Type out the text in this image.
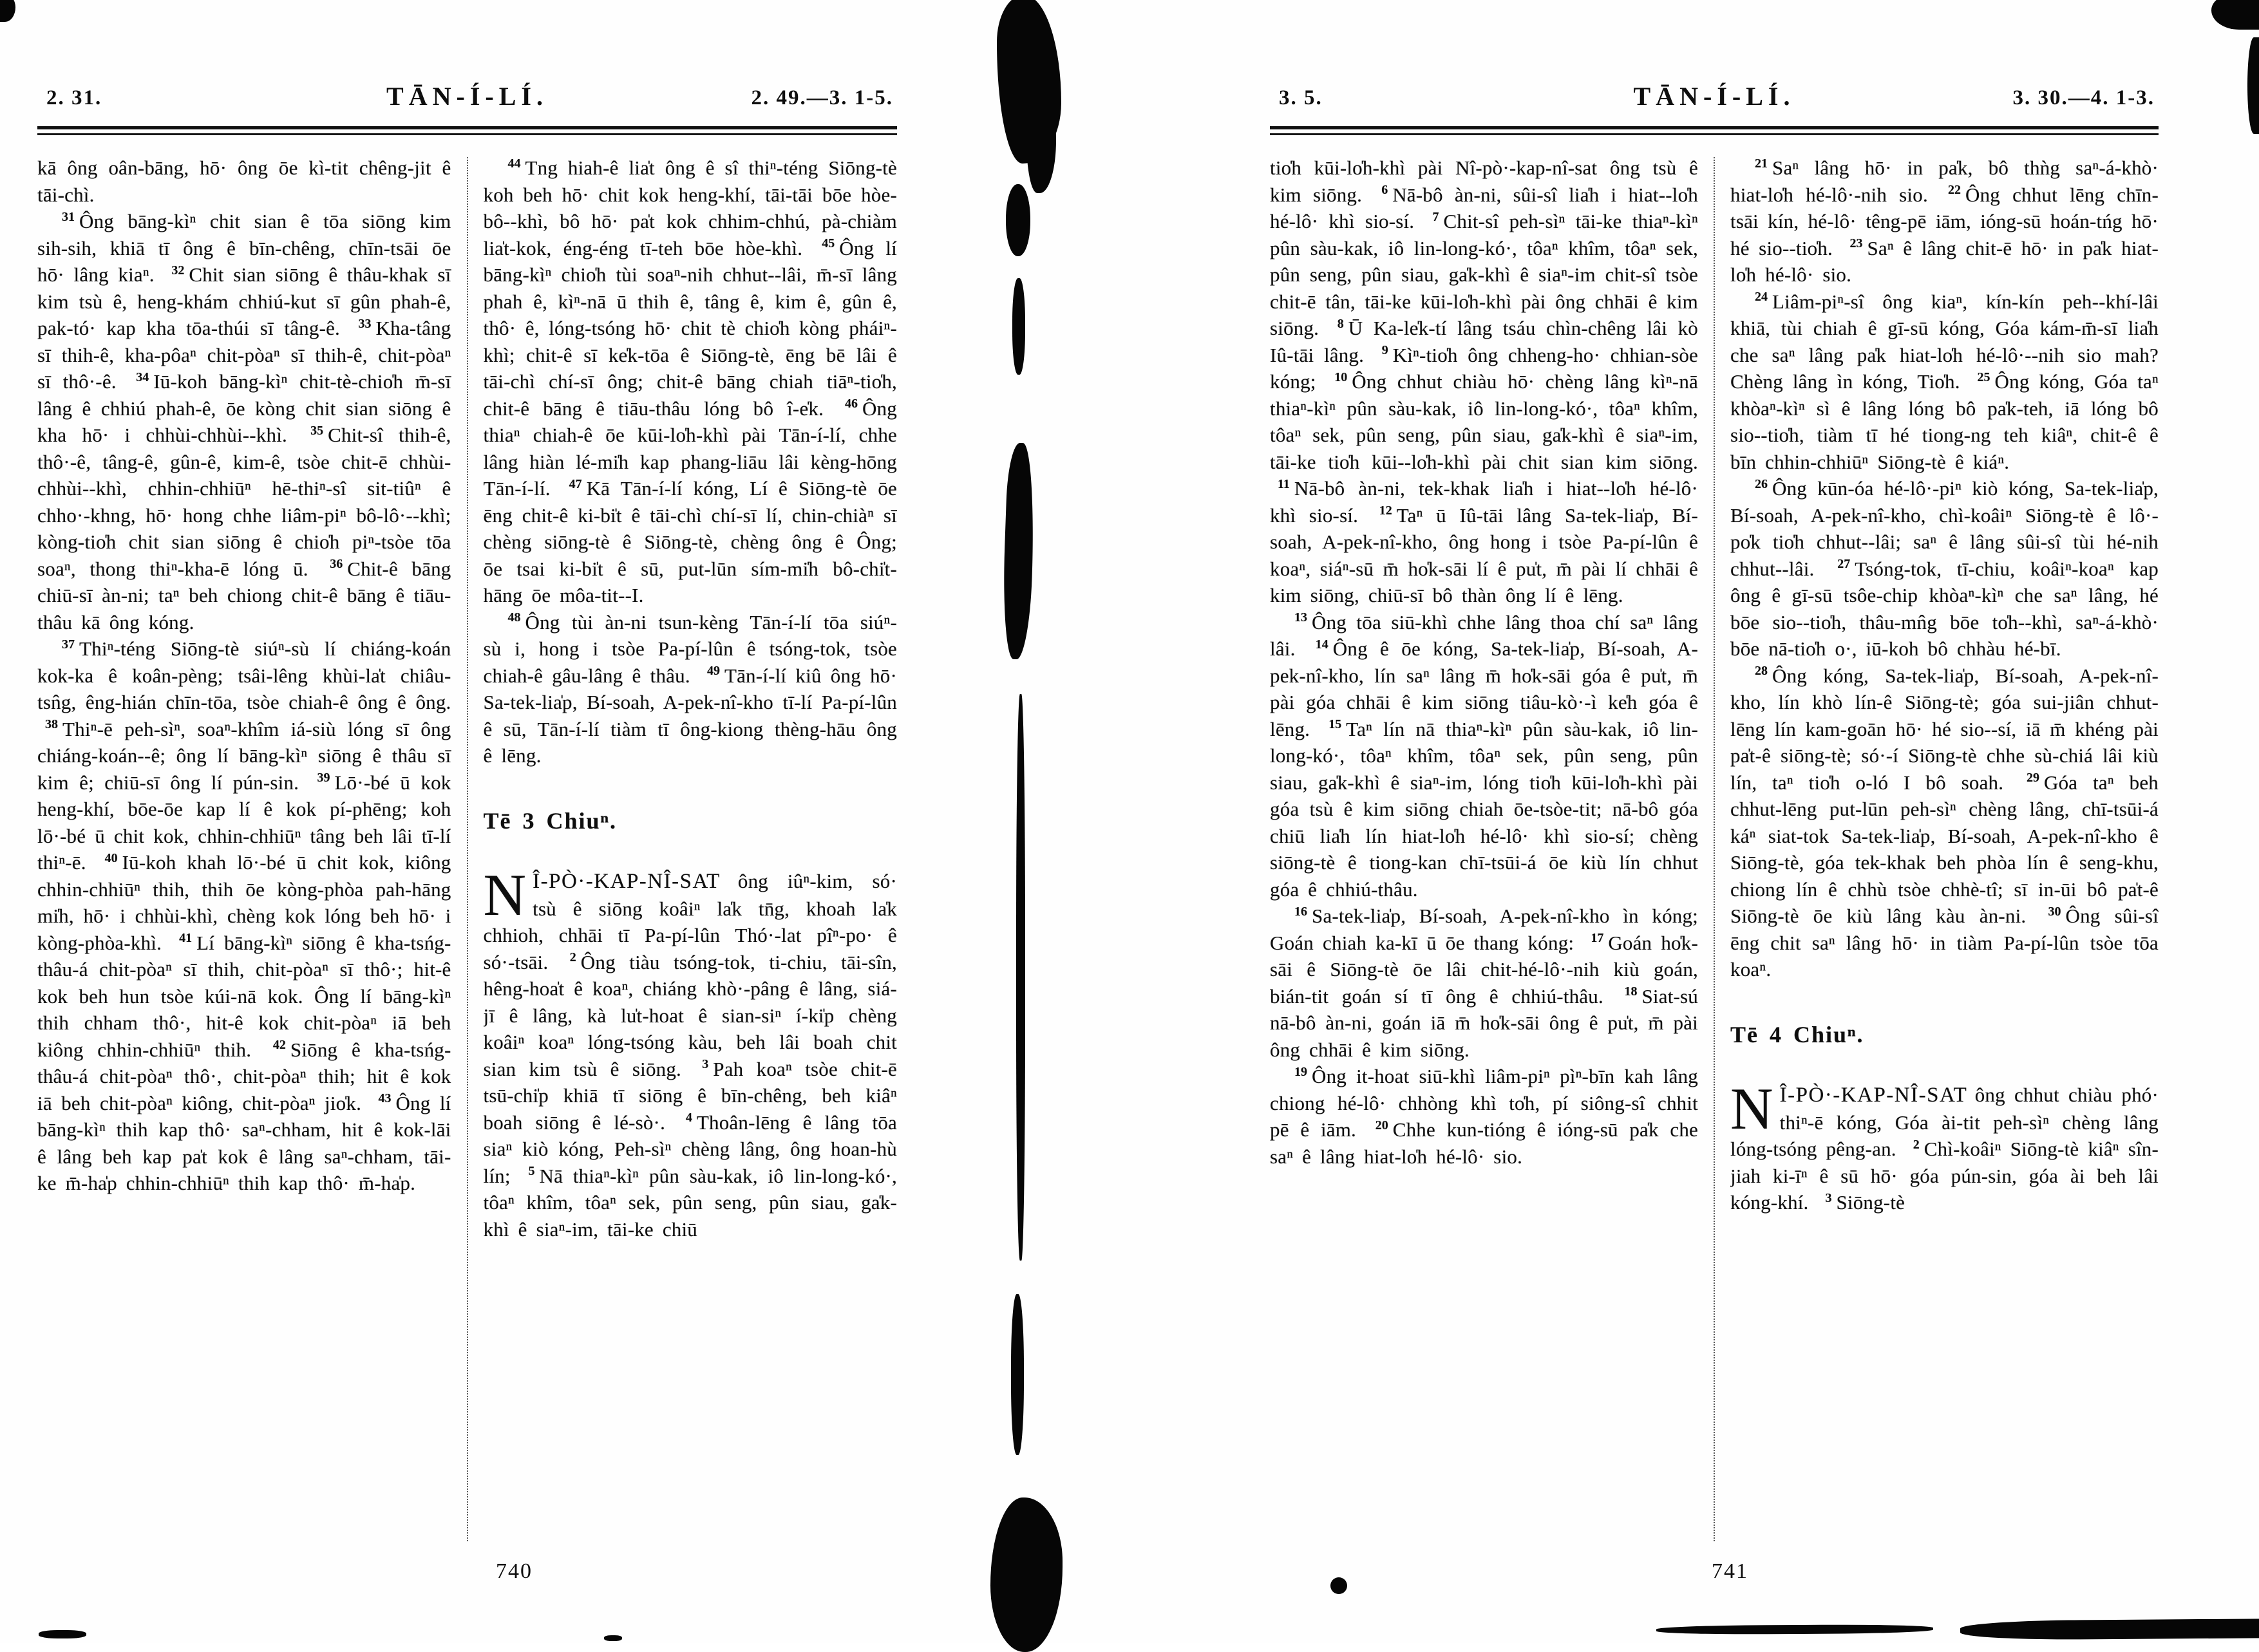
2. 31.	TĀN-Í-LÍ.	2. 49.—3. 1-5.

kā ông oân-bāng, hō· ông ōe kì-tit chêng-jit ê tāi-chì.

$^{31}$ Ông bāng-kìⁿ chit sian ê tōa siōng kim sih-sih, khiā tī ông ê bīn-chêng, chīn-tsāi ōe hō· lâng kiaⁿ. $^{32}$ Chit sian siōng ê thâu-khak sī kim tsù ê, heng-khám chhiú-kut sī gûn phah-ê, pak-tó· kap kha tōa-thúi sī tâng-ê. $^{33}$ Kha-tâng sī thih-ê, kha-pôaⁿ chit-pòaⁿ sī thih-ê, chit-pòaⁿ sī thô·-ê. $^{34}$ Iū-koh bāng-kìⁿ chit-tè-chio̍h m̄-sī lâng ê chhiú phah-ê, ōe kòng chit sian siōng ê kha hō· i chhùi-chhùi--khì. $^{35}$ Chit-sî thih-ê, thô·-ê, tâng-ê, gûn-ê, kim-ê, tsòe chit-ē chhùi-chhùi--khì, chhin-chhiūⁿ hē-thiⁿ-sî sit-tiûⁿ ê chho·-khng, hō· hong chhe liâm-piⁿ bô-lô·--khì; kòng-tio̍h chit sian siōng ê chio̍h piⁿ-tsòe tōa soaⁿ, thong thiⁿ-kha-ē lóng ū. $^{36}$ Chit-ê bāng chiū-sī àn-ni; taⁿ beh chiong chit-ê bāng ê tiāu-thâu kā ông kóng.

$^{37}$ Thiⁿ-téng Siōng-tè siúⁿ-sù lí chiáng-koán kok-ka ê koân-pèng; tsâi-lêng khùi-la̍t chiâu-tsn̂g, êng-hián chīn-tōa, tsòe chiah-ê ông ê ông. $^{38}$ Thiⁿ-ē peh-sìⁿ, soaⁿ-khîm iá-siù lóng sī ông chiáng-koán--ê; ông lí bāng-kìⁿ siōng ê thâu sī kim ê; chiū-sī ông lí pún-sin. $^{39}$ Lō·-bé ū kok heng-khí, bōe-ōe kap lí ê kok pí-phēng; koh lō·-bé ū chit kok, chhin-chhiūⁿ tâng beh lâi tī-lí thiⁿ-ē. $^{40}$ Iū-koh khah lō·-bé ū chit kok, kiông chhin-chhiūⁿ thih, thih ōe kòng-phòa pah-hāng mi̍h, hō· i chhùi-khì, chèng kok lóng beh hō· i kòng-phòa-khì. $^{41}$ Lí bāng-kìⁿ siōng ê kha-tsńg-thâu-á chit-pòaⁿ sī thih, chit-pòaⁿ sī thô·; hit-ê kok beh hun tsòe kúi-nā kok. Ông lí bāng-kìⁿ thih chham thô·, hit-ê kok chit-pòaⁿ iā beh kiông chhin-chhiūⁿ thih. $^{42}$ Siōng ê kha-tsńg-thâu-á chit-pòaⁿ thô·, chit-pòaⁿ thih; hit ê kok iā beh chit-pòaⁿ kiông, chit-pòaⁿ jio̍k. $^{43}$ Ông lí bāng-kìⁿ thih kap thô· saⁿ-chham, hit ê kok-lāi ê lâng beh kap pa̍t kok ê lâng saⁿ-chham, tāi-ke m̄-ha̍p chhin-chhiūⁿ thih kap thô· m̄-ha̍p.

$^{44}$ Tng hiah-ê lia̍t ông ê sî thiⁿ-téng Siōng-tè koh beh hō· chit kok heng-khí, tāi-tāi bōe hòe-bô--khì, bô hō· pa̍t kok chhim-chhú, pà-chiàm lia̍t-kok, éng-éng tī-teh bōe hòe-khì. $^{45}$ Ông lí bāng-kìⁿ chio̍h tùi soaⁿ-nih chhut--lâi, m̄-sī lâng phah ê, kìⁿ-nā ū thih ê, tâng ê, kim ê, gûn ê, thô· ê, lóng-tsóng hō· chit tè chio̍h kòng pháiⁿ-khì; chit-ê sī ke̍k-tōa ê Siōng-tè, ēng bē lâi ê tāi-chì chí-sī ông; chit-ê bāng chiah tiāⁿ-tio̍h, chit-ê bāng ê tiāu-thâu lóng bô î-e̍k. $^{46}$ Ông thiaⁿ chiah-ê ōe kūi-lo̍h-khì pài Tān-í-lí, chhe lâng hiàn lé-mi̍h kap phang-liāu lâi kèng-hōng Tān-í-lí. $^{47}$ Kā Tān-í-lí kóng, Lí ê Siōng-tè ōe ēng chit-ê ki-bi̍t ê tāi-chì chí-sī lí, chin-chiàⁿ sī chèng siōng-tè ê Siōng-tè, chèng ông ê Ông; ōe tsai ki-bi̍t ê sū, put-lūn sím-mi̍h bô-chi̍t-hāng ōe môa-tit--I.

$^{48}$ Ông tùi àn-ni tsun-kèng Tān-í-lí tōa siúⁿ-sù i, hong i tsòe Pa-pí-lûn ê tsóng-tok, tsòe chiah-ê gâu-lâng ê thâu. $^{49}$ Tān-í-lí kiû ông hō· Sa-tek-lia̍p, Bí-soah, A-pek-nî-kho tī-lí Pa-pí-lûn ê sū, Tān-í-lí tiàm tī ông-kiong thèng-hāu ông ê lēng.

Tē 3 Chiuⁿ.

N Î-PÒ·-KAP-NÎ-SAT ông iûⁿ-kim, só· tsù ê siōng koâiⁿ la̍k tn̄g, khoah la̍k chhioh, chhāi tī Pa-pí-lûn Thó·-lat pîⁿ-po· ê só·-tsāi. $^2$ Ông tiàu tsóng-tok, ti-chiu, tāi-sîn, hêng-hoa̍t ê koaⁿ, chiáng khò·-pâng ê lâng, siá-jī ê lâng, kà lu̍t-hoat ê sian-siⁿ í-ki̍p chèng koâiⁿ koaⁿ lóng-tsóng kàu, beh lâi boah chit sian kim tsù ê siōng. $^3$ Pah koaⁿ tsòe chit-ē tsū-chi̍p khiā tī siōng ê bīn-chêng, beh kiâⁿ boah siōng ê lé-sò·. $^4$ Thoân-lēng ê lâng tōa siaⁿ kiò kóng, Peh-sìⁿ chèng lâng, ông hoan-hù lín; $^5$ Nā thiaⁿ-kìⁿ pûn sàu-kak, iô lin-long-kó·, tôaⁿ khîm, tôaⁿ sek, pûn seng, pûn siau, ga̍k-khì ê siaⁿ-im, tāi-ke chiū

740
3. 5.	TĀN-Í-LÍ.	3. 30.—4. 1-3.

tio̍h kūi-lo̍h-khì pài Nî-pò·-kap-nî-sat ông tsù ê kim siōng. $^6$ Nā-bô àn-ni, sûi-sî lia̍h i hiat--lo̍h hé-lô· khì sio-sí. $^7$ Chit-sî peh-sìⁿ tāi-ke thiaⁿ-kìⁿ pûn sàu-kak, iô lin-long-kó·, tôaⁿ khîm, tôaⁿ sek, pûn seng, pûn siau, ga̍k-khì ê siaⁿ-im chit-sî tsòe chit-ē tân, tāi-ke kūi-lo̍h-khì pài ông chhāi ê kim siōng. $^8$ Ū Ka-le̍k-tí lâng tsáu chìn-chêng lâi kò Iû-tāi lâng. $^9$ Kìⁿ-tio̍h ông chheng-ho· chhian-sòe kóng; $^{10}$ Ông chhut chiàu hō· chèng lâng kìⁿ-nā thiaⁿ-kìⁿ pûn sàu-kak, iô lin-long-kó·, tôaⁿ khîm, tôaⁿ sek, pûn seng, pûn siau, ga̍k-khì ê siaⁿ-im, tāi-ke tio̍h kūi--lo̍h-khì pài chit sian kim siōng. $^{11}$ Nā-bô àn-ni, tek-khak lia̍h i hiat--lo̍h hé-lô· khì sio-sí. $^{12}$ Taⁿ ū Iû-tāi lâng Sa-tek-lia̍p, Bí-soah, A-pek-nî-kho, ông hong i tsòe Pa-pí-lûn ê koaⁿ, siáⁿ-sū m̄ ho̍k-sāi lí ê pu̍t, m̄ pài lí chhāi ê kim siōng, chiū-sī bô thàn ông lí ê lēng.

$^{13}$ Ông tōa siū-khì chhe lâng thoa chí saⁿ lâng lâi. $^{14}$ Ông ê ōe kóng, Sa-tek-lia̍p, Bí-soah, A-pek-nî-kho, lín saⁿ lâng m̄ ho̍k-sāi góa ê pu̍t, m̄ pài góa chhāi ê kim siōng tiâu-kò·-ì ke̍h góa ê lēng. $^{15}$ Taⁿ lín nā thiaⁿ-kìⁿ pûn sàu-kak, iô lin-long-kó·, tôaⁿ khîm, tôaⁿ sek, pûn seng, pûn siau, ga̍k-khì ê siaⁿ-im, lóng tio̍h kūi-lo̍h-khì pài góa tsù ê kim siōng chiah ōe-tsòe-tit; nā-bô góa chiū lia̍h lín hiat-lo̍h hé-lô· khì sio-sí; chèng siōng-tè ê tiong-kan chī-tsūi-á ōe kiù lín chhut góa ê chhiú-thâu.

$^{16}$ Sa-tek-lia̍p, Bí-soah, A-pek-nî-kho ìn kóng; Goán chiah ka-kī ū ōe thang kóng: $^{17}$ Goán ho̍k-sāi ê Siōng-tè ōe lâi chit-hé-lô·-nih kiù goán, bián-tit goán sí tī ông ê chhiú-thâu. $^{18}$ Siat-sú nā-bô àn-ni, goán iā m̄ ho̍k-sāi ông ê pu̍t, m̄ pài ông chhāi ê kim siōng.

$^{19}$ Ông it-hoat siū-khì liâm-piⁿ pìⁿ-bīn kah lâng chiong hé-lô· chhòng khì to̍h, pí siông-sî chhit pē ê iām. $^{20}$ Chhe kun-tióng ê ióng-sū pa̍k che saⁿ ê lâng hiat-lo̍h hé-lô· sio.

$^{21}$ Saⁿ lâng hō· in pa̍k, bô thǹg saⁿ-á-khò· hiat-lo̍h hé-lô·-nih sio. $^{22}$ Ông chhut lēng chīn-tsāi kín, hé-lô· têng-pē iām, ióng-sū hoán-tńg hō· hé sio--tio̍h. $^{23}$ Saⁿ ê lâng chit-ē hō· in pa̍k hiat-lo̍h hé-lô· sio.

$^{24}$ Liâm-piⁿ-sî ông kiaⁿ, kín-kín peh--khí-lâi khiā, tùi chiah ê gī-sū kóng, Góa kám-m̄-sī lia̍h che saⁿ lâng pa̍k hiat-lo̍h hé-lô·--nih sio mah? Chèng lâng ìn kóng, Tio̍h. $^{25}$ Ông kóng, Góa taⁿ khòaⁿ-kìⁿ sì ê lâng lóng bô pa̍k-teh, iā lóng bô sio--tio̍h, tiàm tī hé tiong-ng teh kiâⁿ, chit-ê ê bīn chhin-chhiūⁿ Siōng-tè ê kiáⁿ.

$^{26}$ Ông kūn-óa hé-lô·-piⁿ kiò kóng, Sa-tek-lia̍p, Bí-soah, A-pek-nî-kho, chì-koâiⁿ Siōng-tè ê lô·-po̍k tio̍h chhut--lâi; saⁿ ê lâng sûi-sî tùi hé-nih chhut--lâi. $^{27}$ Tsóng-tok, tī-chiu, koâiⁿ-koaⁿ kap ông ê gī-sū tsôe-chip khòaⁿ-kìⁿ che saⁿ lâng, hé bōe sio--tio̍h, thâu-mn̂g bōe to̍h--khì, saⁿ-á-khò· bōe nā-tio̍h o·, iū-koh bô chhàu hé-bī.

$^{28}$ Ông kóng, Sa-tek-lia̍p, Bí-soah, A-pek-nî-kho, lín khò lín-ê Siōng-tè; góa sui-jiân chhut-lēng lín kam-goān hō· hé sio--sí, iā m̄ khéng pài pa̍t-ê siōng-tè; só·-í Siōng-tè chhe sù-chiá lâi kiù lín, taⁿ tio̍h o-ló I bô soah. $^{29}$ Góa taⁿ beh chhut-lēng put-lūn peh-sìⁿ chèng lâng, chī-tsūi-á káⁿ siat-tok Sa-tek-lia̍p, Bí-soah, A-pek-nî-kho ê Siōng-tè, góa tek-khak beh phòa lín ê seng-khu, chiong lín ê chhù tsòe chhè-tî; sī in-ūi bô pa̍t-ê Siōng-tè ōe kiù lâng kàu àn-ni. $^{30}$ Ông sûi-sî ēng chit saⁿ lâng hō· in tiàm Pa-pí-lûn tsòe tōa koaⁿ.

Tē 4 Chiuⁿ.

N Î-PÒ·-KAP-NÎ-SAT ông chhut chiàu phó· thiⁿ-ē kóng, Góa ài-tit peh-sìⁿ chèng lâng lóng-tsóng pêng-an. $^2$ Chì-koâiⁿ Siōng-tè kiâⁿ sîn-jiah ki-īⁿ ê sū hō· góa pún-sin, góa ài beh lâi kóng-khí. $^3$ Siōng-tè

741
